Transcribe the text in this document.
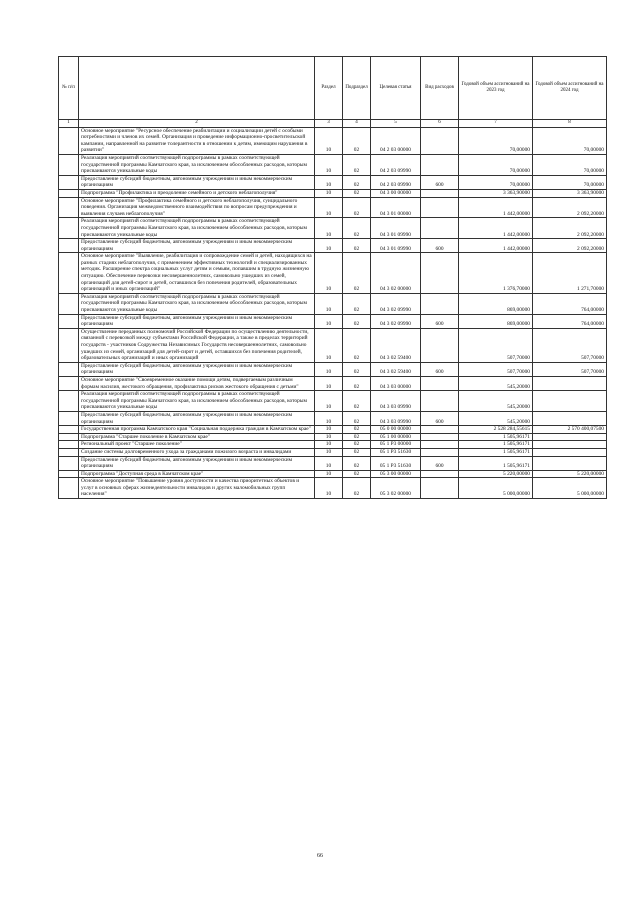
№ п/п		Раздел	Подраздел	Целевая статья	Вид расходов	Годовой объем ассигнований на 2023 год	Годовой объем ассигнований на 2024 год
1	2	3	4	5	6	7	8
	Основное мероприятие "Ресурсное обеспечение реабилитации и социализации детей с особыми потребностями и членов их семей. Организация и проведение информационно-просветительской кампании, направленной на развитие толерантности в отношении к детям, имеющим нарушения в развитии"	10	02	04 2 03 00000		70,00000	70,00000
	Реализация мероприятий соответствующей подпрограммы в рамках соответствующей государственной программы Камчатского края, за исключением обособленных расходов, которым присваиваются уникальные коды	10	02	04 2 03 09990		70,00000	70,00000
	Предоставление субсидий бюджетным, автономным учреждениям и иным некоммерческим организациям	10	02	04 2 03 09990	600	70,00000	70,00000
	Подпрограмма "Профилактика и преодоление семейного и детского неблагополучия"	10	02	04 3 00 00000		3 363,90000	3 363,90000
	Основное мероприятие "Профилактика семейного и детского неблагополучия, суицидального поведения. Организация межведомственного взаимодействия по вопросам предупреждения и выявления случаев неблагополучия"	10	02	04 3 01 00000		1 442,00000	2 092,20000
	Реализация мероприятий соответствующей подпрограммы в рамках соответствующей государственной программы Камчатского края, за исключением обособленных расходов, которым присваиваются уникальные коды	10	02	04 3 01 09990		1 442,00000	2 092,20000
	Предоставление субсидий бюджетным, автономным учреждениям и иным некоммерческим организациям	10	02	04 3 01 09990	600	1 442,00000	2 092,20000
	Основное мероприятие "Выявление, реабилитация и сопровождение семей и детей, находящихся на разных стадиях неблагополучия, с применением эффективных технологий и специализированных методик. Расширение спектра социальных услуг детям и семьям, попавшим в трудную жизненную ситуацию. Обеспечение перевозки несовершеннолетних, самовольно ушедших из семей, организаций для детей-сирот и детей, оставшихся без попечения родителей, образовательных организаций и иных организаций"	10	02	04 3 02 00000		1 376,70000	1 271,70000
	Реализация мероприятий соответствующей подпрограммы в рамках соответствующей государственной программы Камчатского края, за исключением обособленных расходов, которым присваиваются уникальные коды	10	02	04 3 02 09990		869,00000	764,00000
	Предоставление субсидий бюджетным, автономным учреждениям и иным некоммерческим организациям	10	02	04 3 02 09990	600	869,00000	764,00000
	Осуществление переданных полномочий Российской Федерации по осуществлению деятельности, связанной с перевозкой между субъектами Российской Федерации, а также в пределах территорий государств - участников Содружества Независимых Государств несовершеннолетних, самовольно ушедших из семей, организаций для детей-сирот и детей, оставшихся без попечения родителей, образовательных организаций и иных организаций	10	02	04 3 02 59400		507,70000	507,70000
	Предоставление субсидий бюджетным, автономным учреждениям и иным некоммерческим организациям	10	02	04 3 02 59400	600	507,70000	507,70000
	Основное мероприятие "Своевременное оказание помощи детям, подвергаемым различным формам насилия, жестокого обращения, профилактика рисков жестокого обращения с детьми"	10	02	04 3 03 00000		545,20000	
	Реализация мероприятий соответствующей подпрограммы в рамках соответствующей государственной программы Камчатского края, за исключением обособленных расходов, которым присваиваются уникальные коды	10	02	04 3 03 09990		545,20000	
	Предоставление субсидий бюджетным, автономным учреждениям и иным некоммерческим организациям	10	02	04 3 03 09990	600	545,20000	
	Государственная программа Камчатского края "Социальная поддержка граждан в Камчатском крае"	10	02	05 0 00 00000		2 528 284,55615	2 570 400,07500
	Подпрограмма "Старшее поколение в Камчатском крае"	10	02	05 1 00 00000		1 505,96171	
	Региональный проект "Старшее поколение"	10	02	05 1 P3 00000		1 505,96171	
	Создание системы долговременного ухода за гражданами пожилого возраста и инвалидами	10	02	05 1 P3 51630		1 505,96171	
	Предоставление субсидий бюджетным, автономным учреждениям и иным некоммерческим организациям	10	02	05 1 P3 51630	600	1 505,96171	
	Подпрограмма "Доступная среда в Камчатском крае"	10	02	05 3 00 00000		5 220,00000	5 220,00000
	Основное мероприятие "Повышение уровня доступности и качества приоритетных объектов и услуг в основных сферах жизнедеятельности инвалидов и других маломобильных групп населения"	10	02	05 3 02 00000		5 000,00000	5 000,00000
66
